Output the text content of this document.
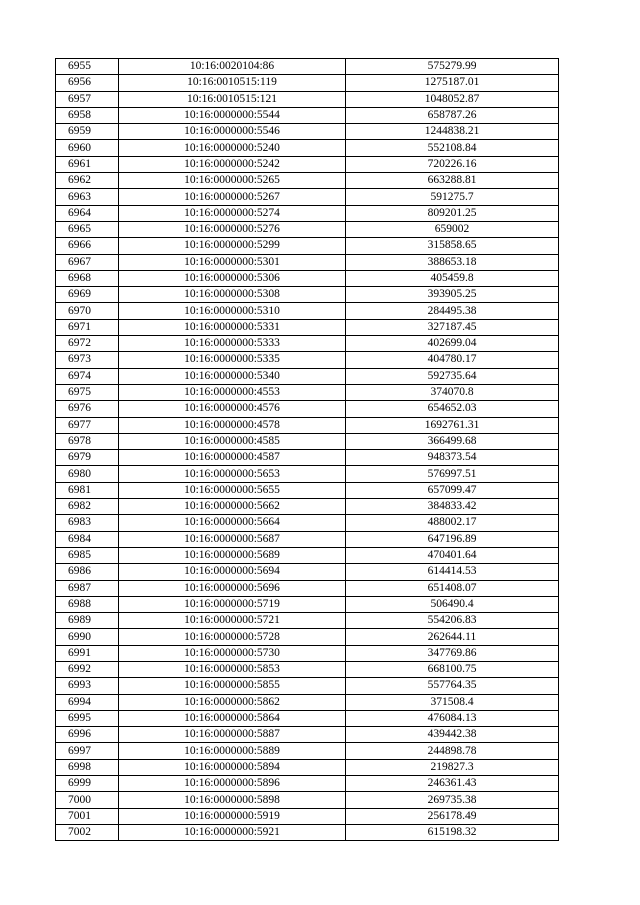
6955	10:16:0020104:86	575279.99
6956	10:16:0010515:119	1275187.01
6957	10:16:0010515:121	1048052.87
6958	10:16:0000000:5544	658787.26
6959	10:16:0000000:5546	1244838.21
6960	10:16:0000000:5240	552108.84
6961	10:16:0000000:5242	720226.16
6962	10:16:0000000:5265	663288.81
6963	10:16:0000000:5267	591275.7
6964	10:16:0000000:5274	809201.25
6965	10:16:0000000:5276	659002
6966	10:16:0000000:5299	315858.65
6967	10:16:0000000:5301	388653.18
6968	10:16:0000000:5306	405459.8
6969	10:16:0000000:5308	393905.25
6970	10:16:0000000:5310	284495.38
6971	10:16:0000000:5331	327187.45
6972	10:16:0000000:5333	402699.04
6973	10:16:0000000:5335	404780.17
6974	10:16:0000000:5340	592735.64
6975	10:16:0000000:4553	374070.8
6976	10:16:0000000:4576	654652.03
6977	10:16:0000000:4578	1692761.31
6978	10:16:0000000:4585	366499.68
6979	10:16:0000000:4587	948373.54
6980	10:16:0000000:5653	576997.51
6981	10:16:0000000:5655	657099.47
6982	10:16:0000000:5662	384833.42
6983	10:16:0000000:5664	488002.17
6984	10:16:0000000:5687	647196.89
6985	10:16:0000000:5689	470401.64
6986	10:16:0000000:5694	614414.53
6987	10:16:0000000:5696	651408.07
6988	10:16:0000000:5719	506490.4
6989	10:16:0000000:5721	554206.83
6990	10:16:0000000:5728	262644.11
6991	10:16:0000000:5730	347769.86
6992	10:16:0000000:5853	668100.75
6993	10:16:0000000:5855	557764.35
6994	10:16:0000000:5862	371508.4
6995	10:16:0000000:5864	476084.13
6996	10:16:0000000:5887	439442.38
6997	10:16:0000000:5889	244898.78
6998	10:16:0000000:5894	219827.3
6999	10:16:0000000:5896	246361.43
7000	10:16:0000000:5898	269735.38
7001	10:16:0000000:5919	256178.49
7002	10:16:0000000:5921	615198.32
